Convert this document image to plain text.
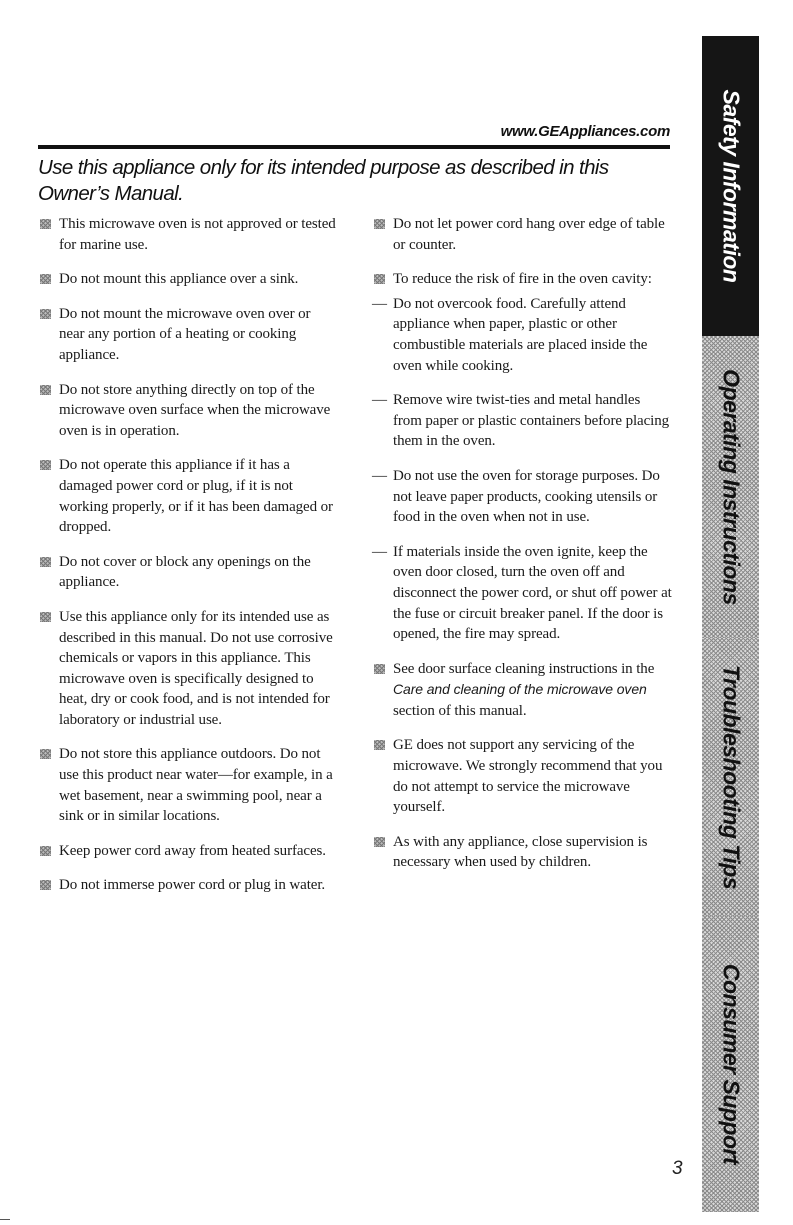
www.GEAppliances.com
Use this appliance only for its intended purpose as described in this
Owner’s Manual.
This microwave oven is not approved or tested for marine use.
Do not mount this appliance over a sink.
Do not mount the microwave oven over or near any portion of a heating or cooking appliance.
Do not store anything directly on top of the microwave oven surface when the microwave oven is in operation.
Do not operate this appliance if it has a damaged power cord or plug, if it is not working properly, or if it has been damaged or dropped.
Do not cover or block any openings on the appliance.
Use this appliance only for its intended use as described in this manual. Do not use corrosive chemicals or vapors in this appliance. This microwave oven is specifically designed to heat, dry or cook food, and is not intended for laboratory or industrial use.
Do not store this appliance outdoors. Do not use this product near water—for example, in a wet basement, near a swimming pool, near a sink or in similar locations.
Keep power cord away from heated surfaces.
Do not immerse power cord or plug in water.
Do not let power cord hang over edge of table or counter.
To reduce the risk of fire in the oven cavity:
— Do not overcook food. Carefully attend appliance when paper, plastic or other combustible materials are placed inside the oven while cooking.
— Remove wire twist-ties and metal handles from paper or plastic containers before placing them in the oven.
— Do not use the oven for storage purposes. Do not leave paper products, cooking utensils or food in the oven when not in use.
— If materials inside the oven ignite, keep the oven door closed, turn the oven off and disconnect the power cord, or shut off power at the fuse or circuit breaker panel. If the door is opened, the fire may spread.
See door surface cleaning instructions in the Care and cleaning of the microwave oven section of this manual.
GE does not support any servicing of the microwave. We strongly recommend that you do not attempt to service the microwave yourself.
As with any appliance, close supervision is necessary when used by children.
Safety Information
Operating Instructions
Troubleshooting Tips
Consumer Support
3
